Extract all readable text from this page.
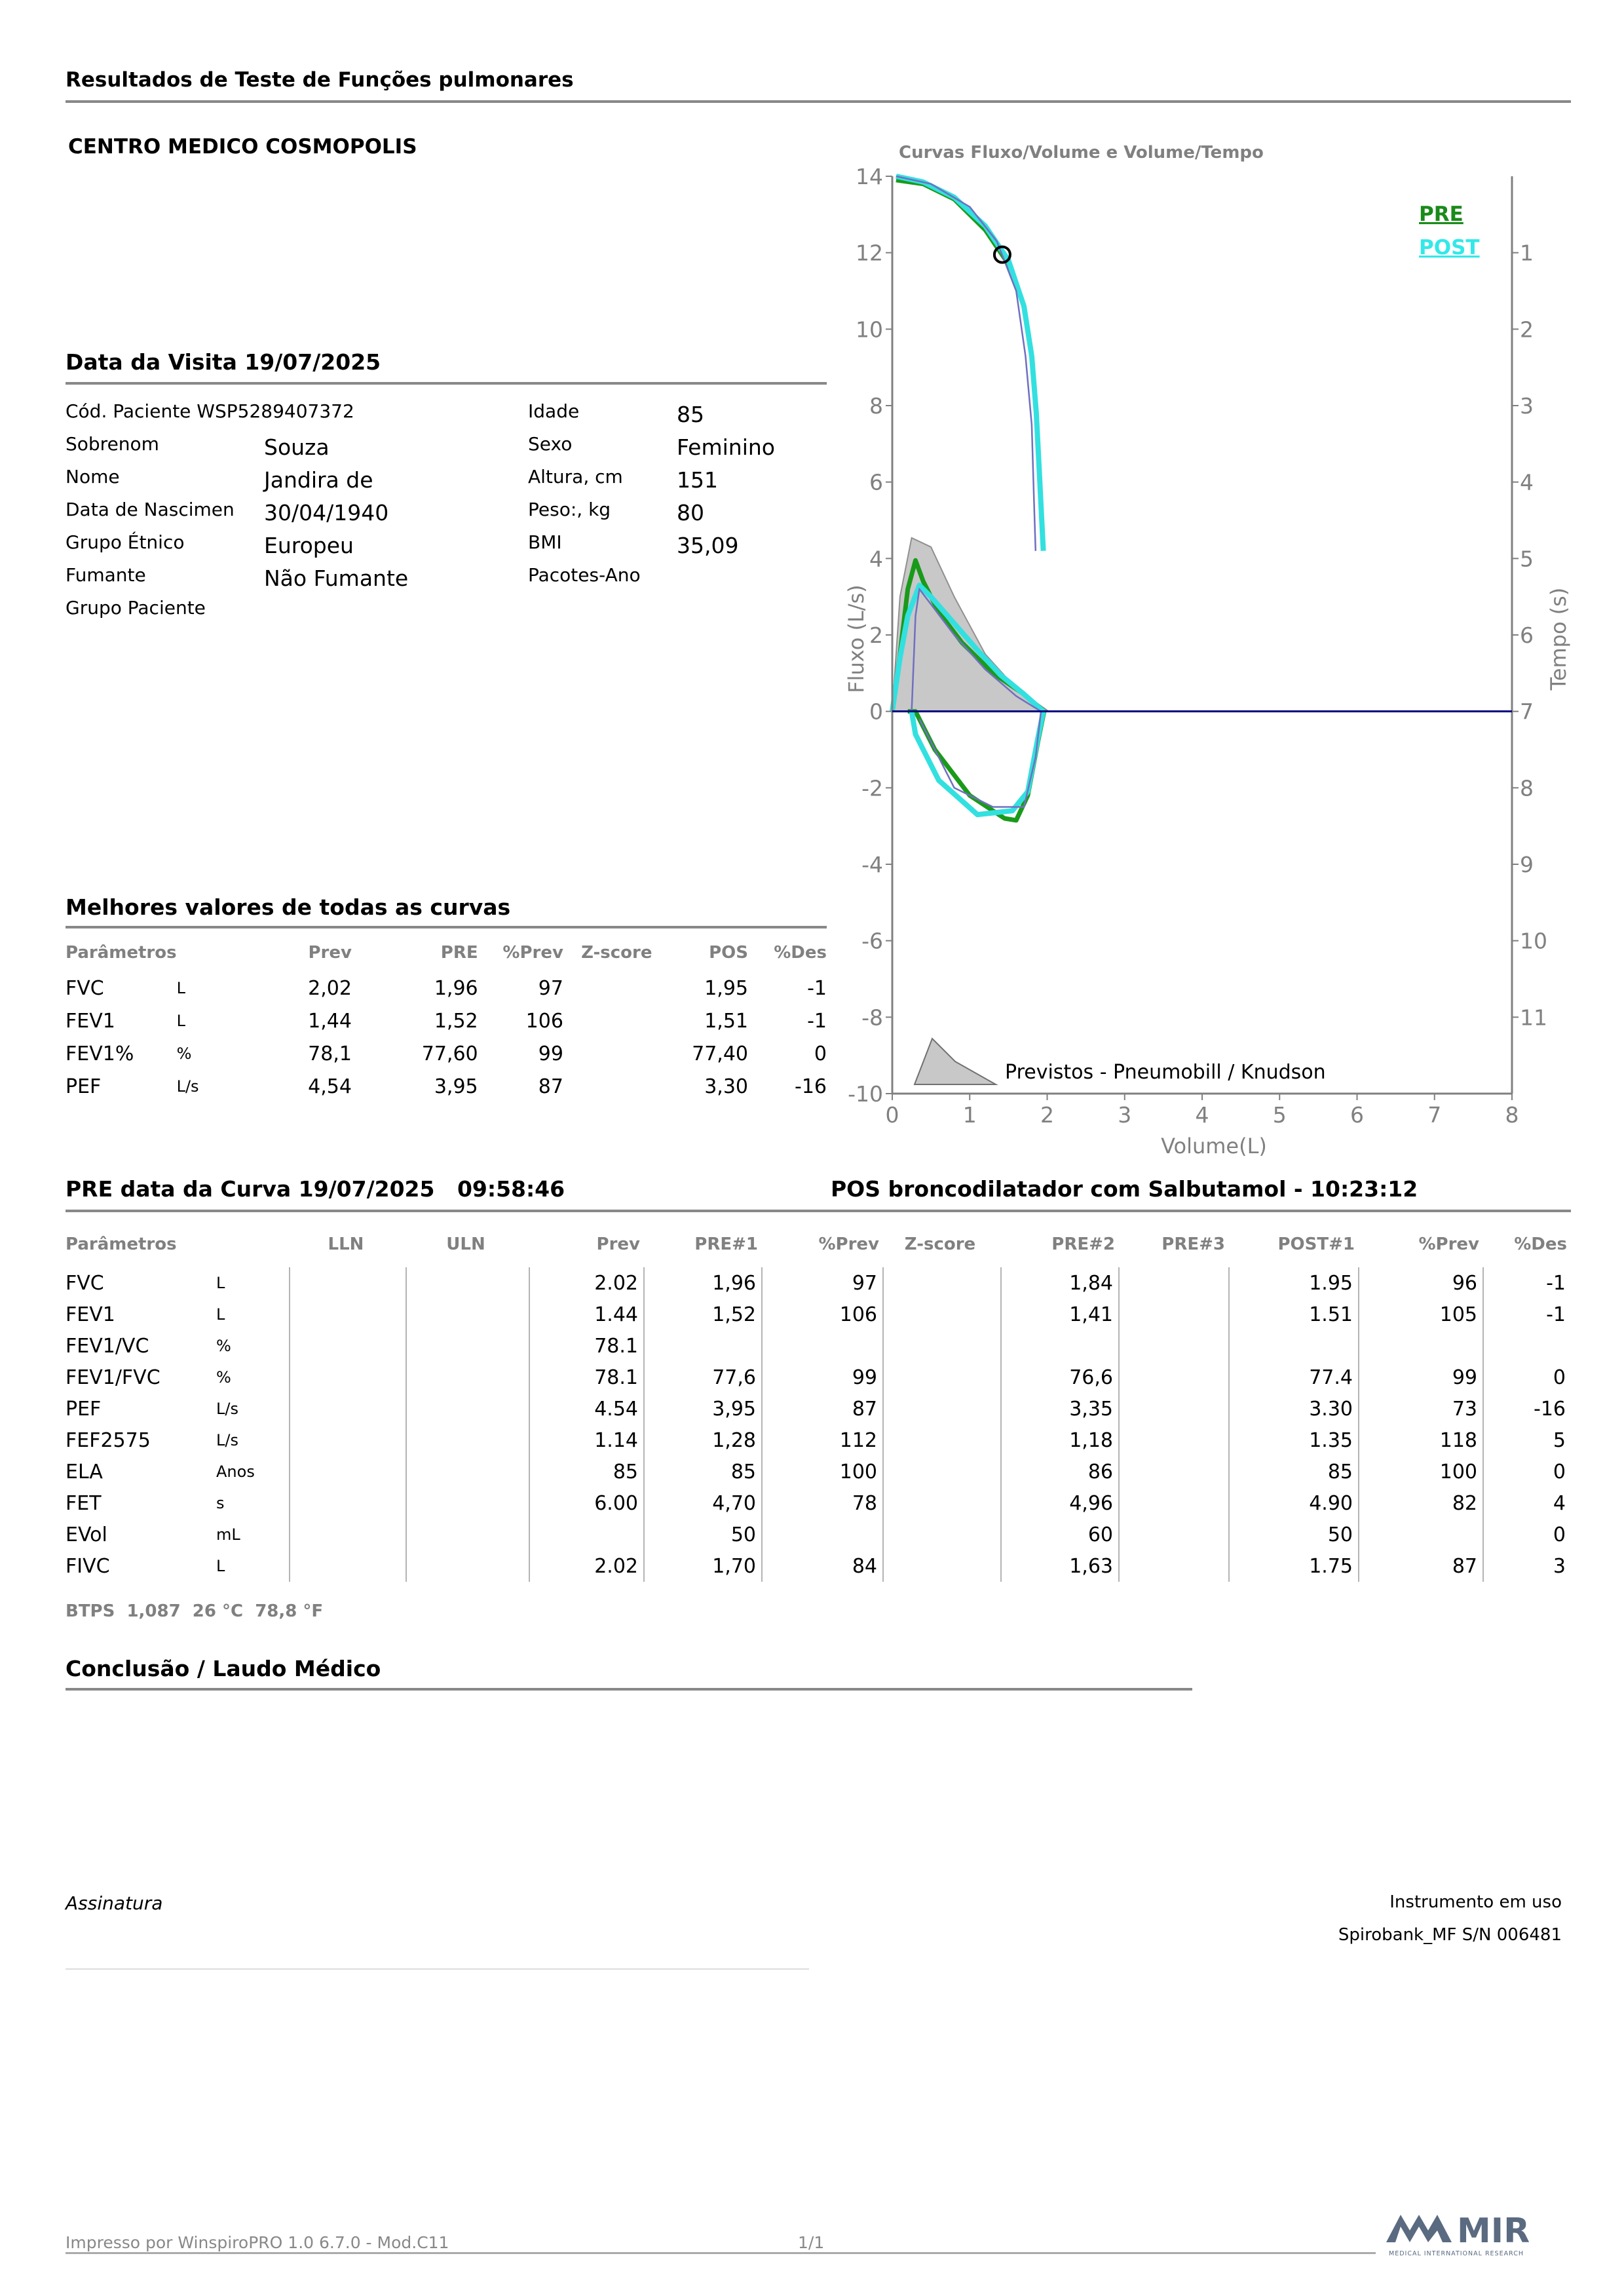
Resultados de Teste de Funções pulmonares
CENTRO MEDICO COSMOPOLIS
Data da Visita 19/07/2025
Cód. Paciente WSP5289407372	Idade	85
Sobrenom	Souza	Sexo	Feminino
Nome	Jandira de	Altura, cm 151
Data de Nascimen 30/04/1940	Peso:, kg	80
Grupo Étnico	Europeu	BMI	35,09
Fumante	Não Fumante	Pacotes-Ano
Grupo Paciente
Melhores valores de todas as curvas
Parâmetros		Prev	PRE	%Prev	Z-score	POS	%Des
FVC	L	2,02	1,96	97		1,95	-1
FEV1	L	1,44	1,52	106		1,51	-1
FEV1%	%	78,1	77,60	99		77,40	0
PEF	L/s	4,54	3,95	87		3,30	-16
Curvas Fluxo/Volume e Volume/Tempo
0	1	2	3	4	5	6	7	8
14
12
10
8
6
4
2
0
-2
-4
-6
-8
-10
1
2
3
4
5
6
7
8
9
10
11
Volume(L)
Fluxo (L/s)	Tempo (s)
PRE
POST
Previstos - Pneumobill / Knudson
PRE data da Curva 19/07/2025   09:58:46	POS broncodilatador com Salbutamol - 10:23:12
Parâmetros		LLN	ULN	Prev	PRE#1	%Prev	Z-score	PRE#2	PRE#3	POST#1	%Prev	%Des
FVC	L			2.02	1,96	97		1,84		1.95	96	-1
FEV1	L			1.44	1,52	106		1,41		1.51	105	-1
FEV1/VC	%			78.1								
FEV1/FVC	%			78.1	77,6	99		76,6		77.4	99	0
PEF	L/s			4.54	3,95	87		3,35		3.30	73	-16
FEF2575	L/s			1.14	1,28	112		1,18		1.35	118	5
ELA	Anos			85	85	100		86		85	100	0
FET	s			6.00	4,70	78		4,96		4.90	82	4
EVol	mL				50			60		50		0
FIVC	L			2.02	1,70	84		1,63		1.75	87	3
BTPS  1,087  26 °C  78,8 °F
Conclusão / Laudo Médico
Assinatura	Instrumento em uso
Spirobank_MF S/N 006481
Impresso por WinspiroPRO 1.0 6.7.0 - Mod.C11	1/1	MIR
MEDICAL INTERNATIONAL RESEARCH
